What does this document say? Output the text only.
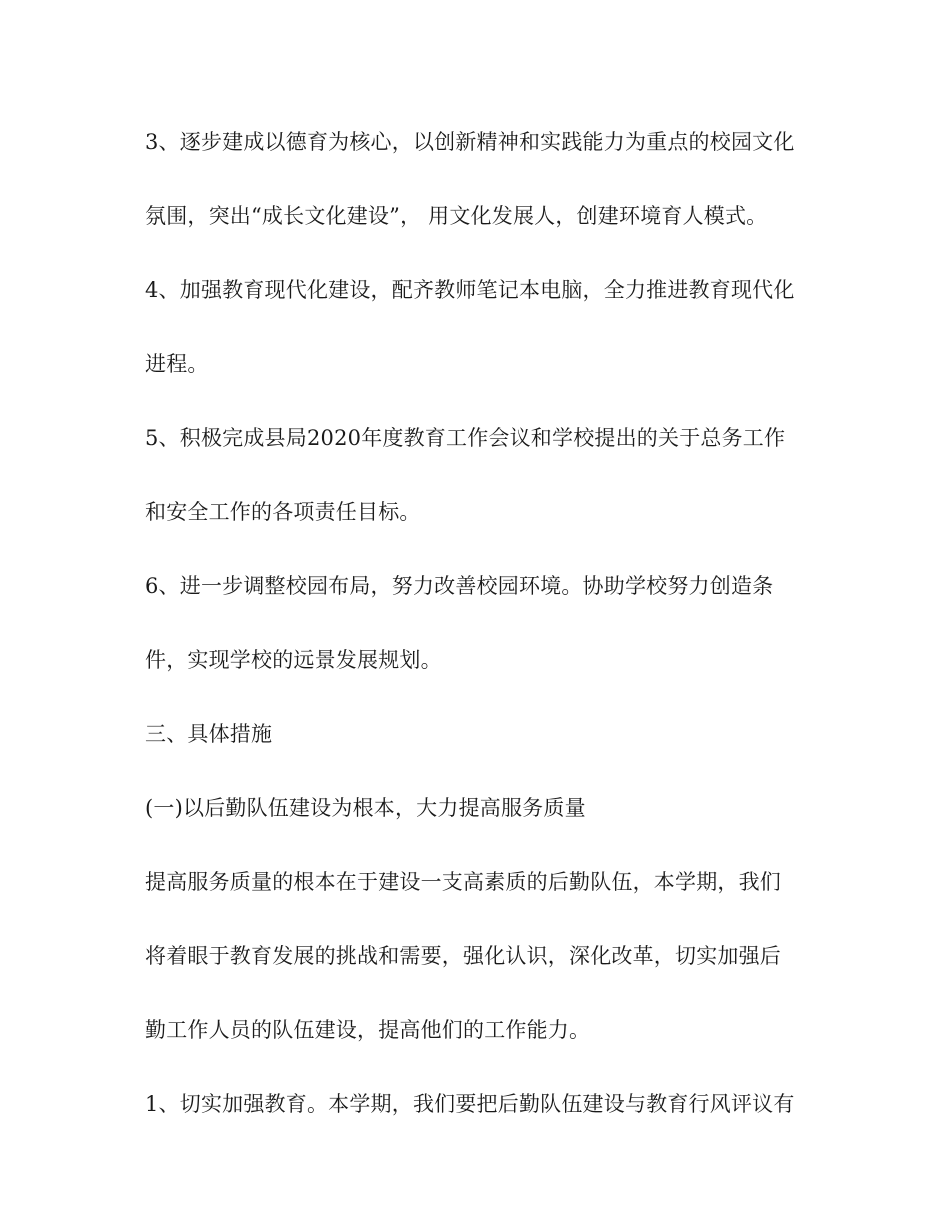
3、逐步建成以德育为核心，以创新精神和实践能力为重点的校园文化
氛围，突出“成长文化建设”， 用文化发展人，创建环境育人模式。
4、加强教育现代化建设，配齐教师笔记本电脑，全力推进教育现代化
进程。
5、积极完成县局2020年度教育工作会议和学校提出的关于总务工作
和安全工作的各项责任目标。
6、进一步调整校园布局，努力改善校园环境。协助学校努力创造条
件，实现学校的远景发展规划。
三、具体措施
(一)以后勤队伍建设为根本，大力提高服务质量
提高服务质量的根本在于建设一支高素质的后勤队伍，本学期，我们
将着眼于教育发展的挑战和需要，强化认识，深化改革，切实加强后
勤工作人员的队伍建设，提高他们的工作能力。
1、切实加强教育。本学期，我们要把后勤队伍建设与教育行风评议有
